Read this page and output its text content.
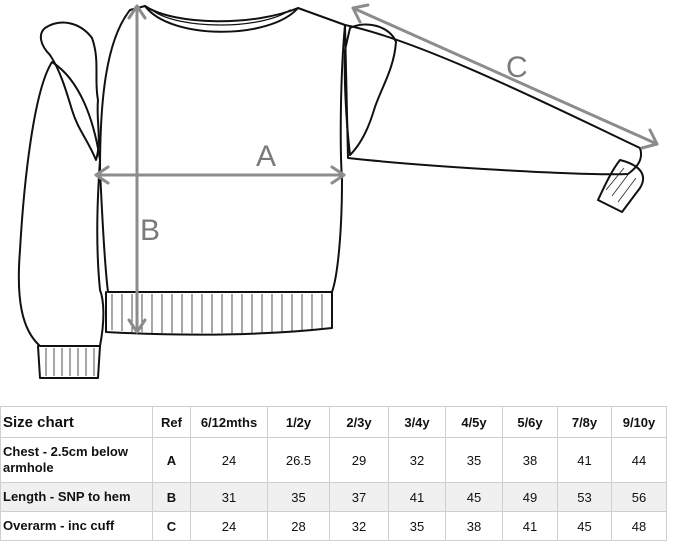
A
B
C
Size chart	Ref	6/12mths	1/2y	2/3y	3/4y	4/5y	5/6y	7/8y	9/10y
Chest - 2.5cm below armhole	A	24	26.5	29	32	35	38	41	44
Length - SNP to hem	B	31	35	37	41	45	49	53	56
Overarm - inc cuff	C	24	28	32	35	38	41	45	48
